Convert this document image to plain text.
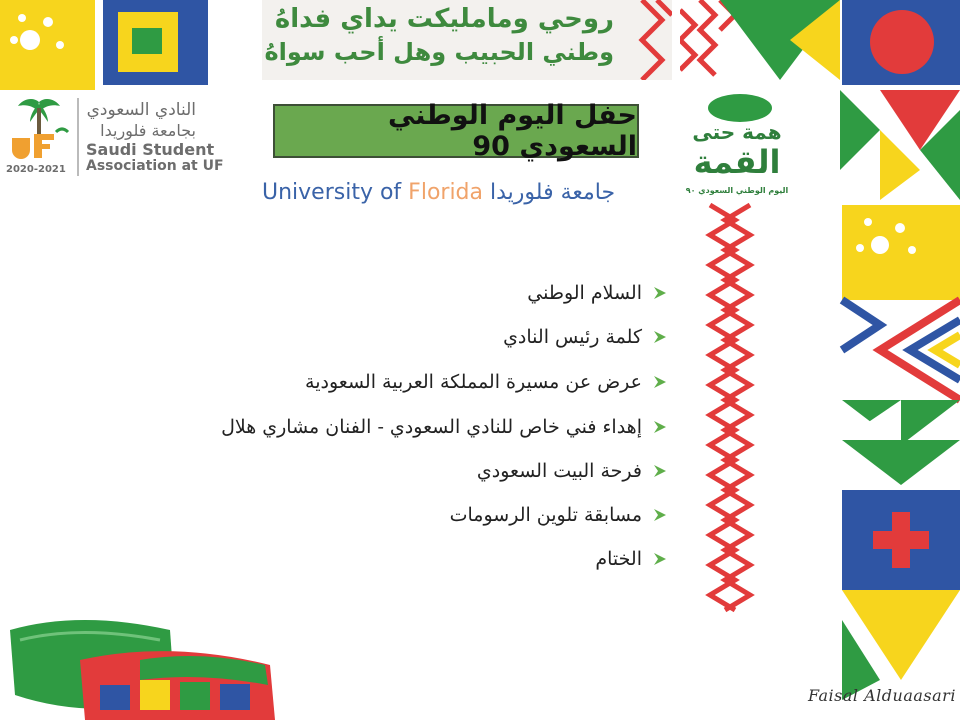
روحي ومامليكت يداي فداهُ
وطني الحبيب وهل أحب سواهُ
النادي السعودي
بجامعة فلوريدا
Saudi Student
Association at UF
2020-2021
حفل اليوم الوطني السعودي 90
University of Florida جامعة فلوريدا
السلام الوطني
كلمة رئيس النادي
عرض عن مسيرة المملكة العربية السعودية
إهداء فني خاص للنادي السعودي - الفنان مشاري هلال
فرحة البيت السعودي
مسابقة تلوين الرسومات
الختام
همة حتى
القمة
اليوم الوطني السعودي ٩٠
Faisal Alduaasari
